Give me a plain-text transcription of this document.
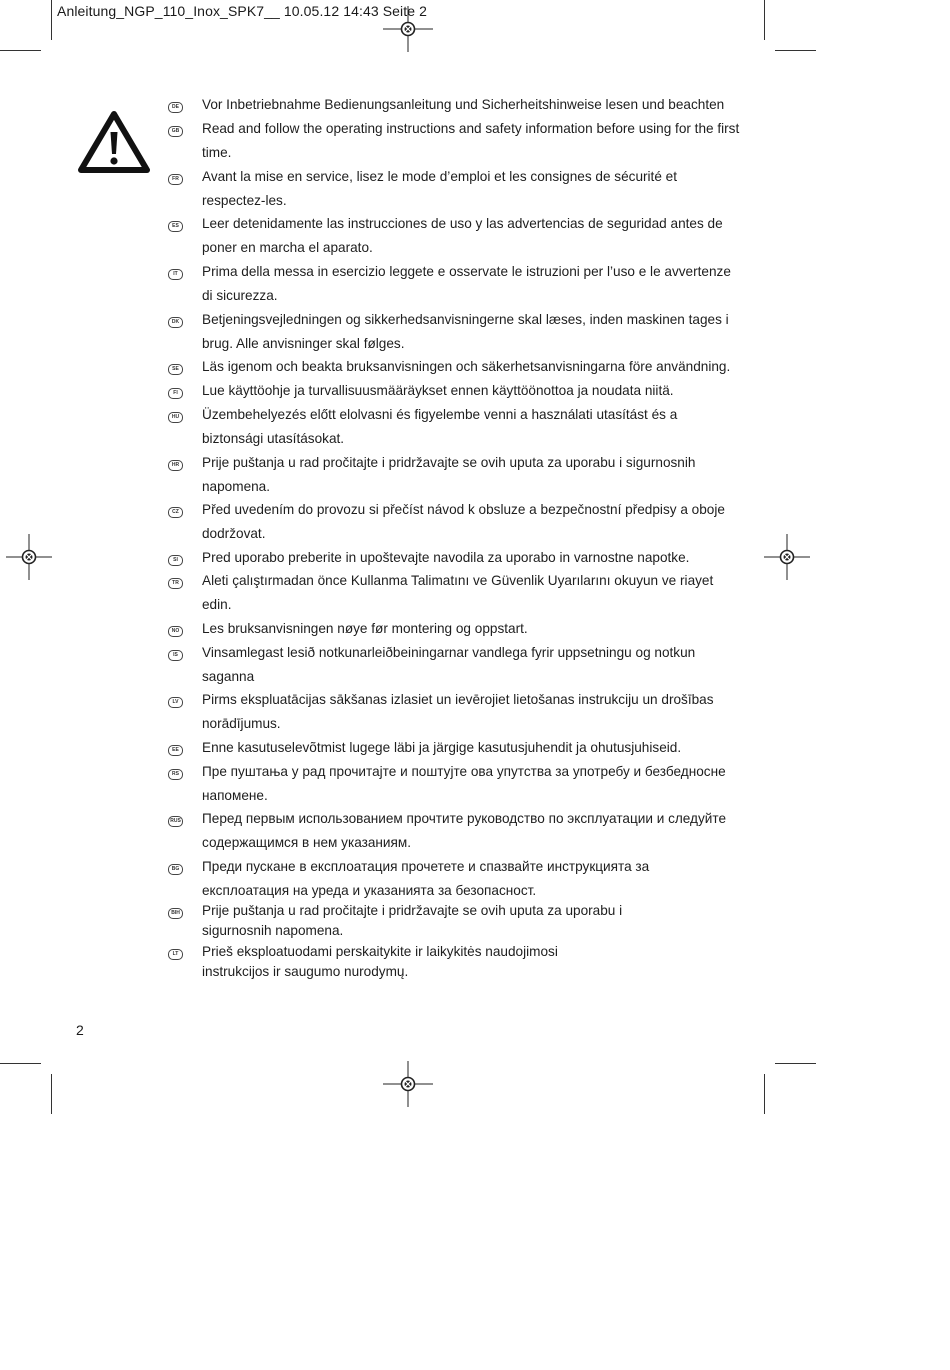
Anleitung_NGP_110_Inox_SPK7__ 10.05.12 14:43 Seite 2
DE Vor Inbetriebnahme Bedienungsanleitung und Sicherheitshinweise lesen und beachten
GB Read and follow the operating instructions and safety information before using for the first
time.
FR	Avant la mise en service, lisez le mode d’emploi et les consignes de sécurité et
respectez-les.
ES	Leer detenidamente las instrucciones de uso y las advertencias de seguridad antes de
poner en marcha el aparato.
IT	Prima della messa in esercizio leggete e osservate le istruzioni per l’uso e le avvertenze
di sicurezza.
DK Betjeningsvejledningen og sikkerhedsanvisningerne skal læses, inden maskinen tages i
brug. Alle anvisninger skal følges.
SE	Läs igenom och beakta bruksanvisningen och säkerhetsanvisningarna före användning.
FI	Lue käyttöohje ja turvallisuusmääräykset ennen käyttöönottoa ja noudata niitä.
HU Üzembehelyezés előtt elolvasni és figyelembe venni a használati utasítást és a
biztonsági utasításokat.
HR Prije puštanja u rad pročitajte i pridržavajte se ovih uputa za uporabu i sigurnosnih
napomena.
CZ	Před uvedením do provozu si přečíst návod k obsluze a bezpečnostní předpisy a oboje
dodržovat.
SI	Pred uporabo preberite in upoštevajte navodila za uporabo in varnostne napotke.
TR	Aleti çalıştırmadan önce Kullanma Talimatını ve Güvenlik Uyarılarını okuyun ve riayet
edin.
NO Les bruksanvisningen nøye før montering og oppstart.
IS	Vinsamlegast lesið notkunarleiðbeiningarnar vandlega fyrir uppsetningu og notkun
saganna
LV	Pirms ekspluatācijas sākšanas izlasiet un ievērojiet lietošanas instrukciju un drošības
norādījumus.
EE	Enne kasutuselevõtmist lugege läbi ja järgige kasutusjuhendit ja ohutusjuhiseid.
RS Пре пуштања у рад прочитајте и поштујте ова упутства за употребу и безбедносне
напомене.
RUS Перед первым использованием прочтите руководство по эксплуатации и следуйте
содержащимся в нем указаниям.
BG Преди пускане в експлоатация прочетете и спазвайте инструкцията за
експлоатация на уреда и указанията за безопасност.
BIH Prije puštanja u rad pročitajte i pridržavajte se ovih uputa za uporabu i
sigurnosnih napomena.
LT	Prieš eksploatuodami perskaitykite ir laikykitės naudojimosi
instrukcijos ir saugumo nurodymų.
2
